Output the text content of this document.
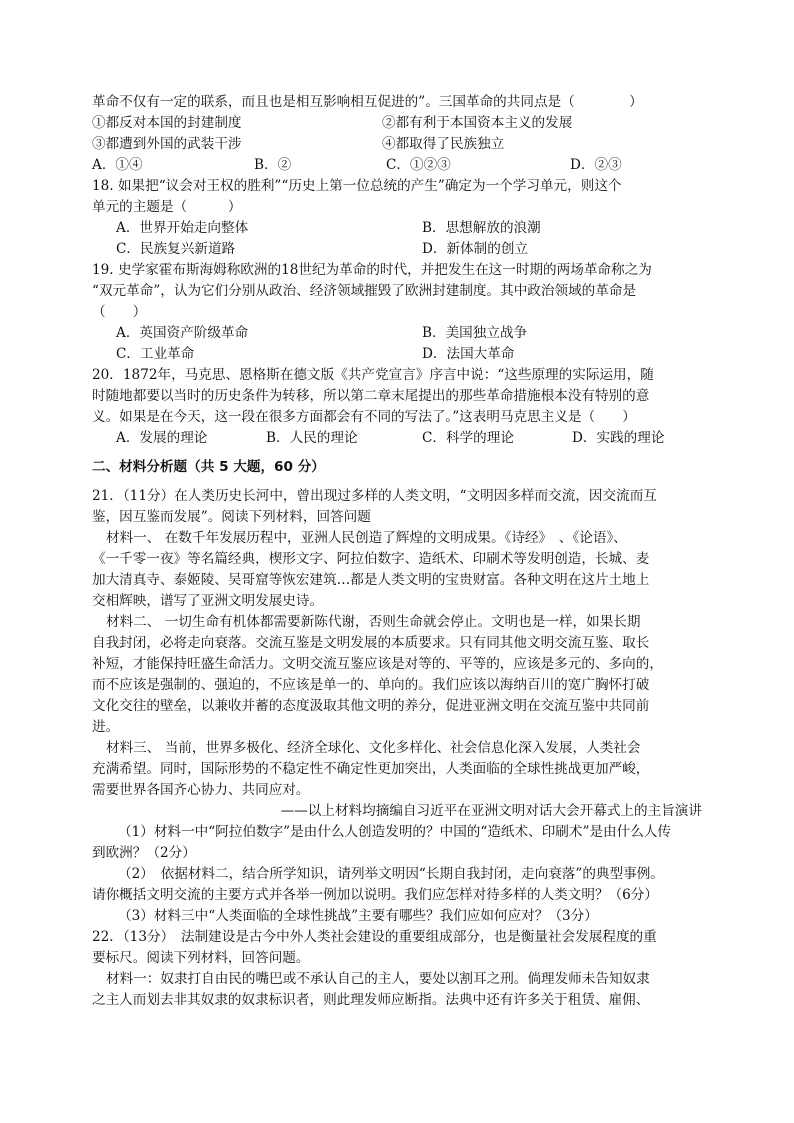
革命不仅有一定的联系，而且也是相互影响相互促进的”。三国革命的共同点是（　　　　）
①都反对本国的封建制度	②都有利于本国资本主义的发展
③都遭到外国的武装干涉	④都取得了民族独立
A．①④	B．②	C．①②③	D．②③
18. 如果把“议会对王权的胜利”“历史上第一位总统的产生”确定为一个学习单元，则这个
单元的主题是（　　　）
A．世界开始走向整体	B．思想解放的浪潮
C．民族复兴新道路	D．新体制的创立
19. 史学家霍布斯海姆称欧洲的18世纪为革命的时代，并把发生在这一时期的两场革命称之为
“双元革命”，认为它们分别从政治、经济领域摧毁了欧洲封建制度。其中政治领域的革命是
（　　）
A．英国资产阶级革命	B．美国独立战争
C．工业革命	D．法国大革命
20．1872年，马克思、恩格斯在德文版《共产党宣言》序言中说：“这些原理的实际运用，随
时随地都要以当时的历史条件为转移，所以第二章末尾提出的那些革命措施根本没有特别的意
义。如果是在今天，这一段在很多方面都会有不同的写法了。”这表明马克思主义是（　　）
A．发展的理论	B．人民的理论	C．科学的理论	D．实践的理论
二、材料分析题（共 5 大题，60 分）
21．（11分）在人类历史长河中，曾出现过多样的人类文明，“文明因多样而交流，因交流而互
鉴，因互鉴而发展”。阅读下列材料，回答问题
材料一、 在数千年发展历程中，亚洲人民创造了辉煌的文明成果。《诗经》　、《论语》、
《一千零一夜》等名篇经典，楔形文字、阿拉伯数字、造纸术、印刷术等发明创造，长城、麦
加大清真寺、泰姬陵、吴哥窟等恢宏建筑…都是人类文明的宝贵财富。各种文明在这片土地上
交相辉映，谱写了亚洲文明发展史诗。
材料二、 一切生命有机体都需要新陈代谢，否则生命就会停止。文明也是一样，如果长期
自我封闭，必将走向衰落。交流互鉴是文明发展的本质要求。只有同其他文明交流互鉴、取长
补短，才能保持旺盛生命活力。文明交流互鉴应该是对等的、平等的，应该是多元的、多向的，
而不应该是强制的、强迫的，不应该是单一的、单向的。我们应该以海纳百川的宽广胸怀打破
文化交往的壁垒，以兼收并蓄的态度汲取其他文明的养分，促进亚洲文明在交流互鉴中共同前
进。
材料三、 当前，世界多极化、经济全球化、文化多样化、社会信息化深入发展，人类社会
充满希望。同时，国际形势的不稳定性不确定性更加突出，人类面临的全球性挑战更加严峻，
需要世界各国齐心协力、共同应对。
——以上材料均摘编自习近平在亚洲文明对话大会开幕式上的主旨演讲
（1）材料一中“阿拉伯数字”是由什么人创造发明的？中国的“造纸术、印刷术”是由什么人传
到欧洲？（2分）
（2）　依据材料二，结合所学知识，请列举文明因“长期自我封闭，走向衰落”的典型事例。
请你概括文明交流的主要方式并各举一例加以说明。我们应怎样对待多样的人类文明？（6分）
（3）材料三中“人类面临的全球性挑战”主要有哪些？我们应如何应对？（3分）
22．（13分）　法制建设是古今中外人类社会建设的重要组成部分，也是衡量社会发展程度的重
要标尺。阅读下列材料，回答问题。
材料一：奴隶打自由民的嘴巴或不承认自己的主人，要处以割耳之刑。倘理发师未告知奴隶
之主人而划去非其奴隶的奴隶标识者，则此理发师应断指。法典中还有许多关于租赁、雇佣、
